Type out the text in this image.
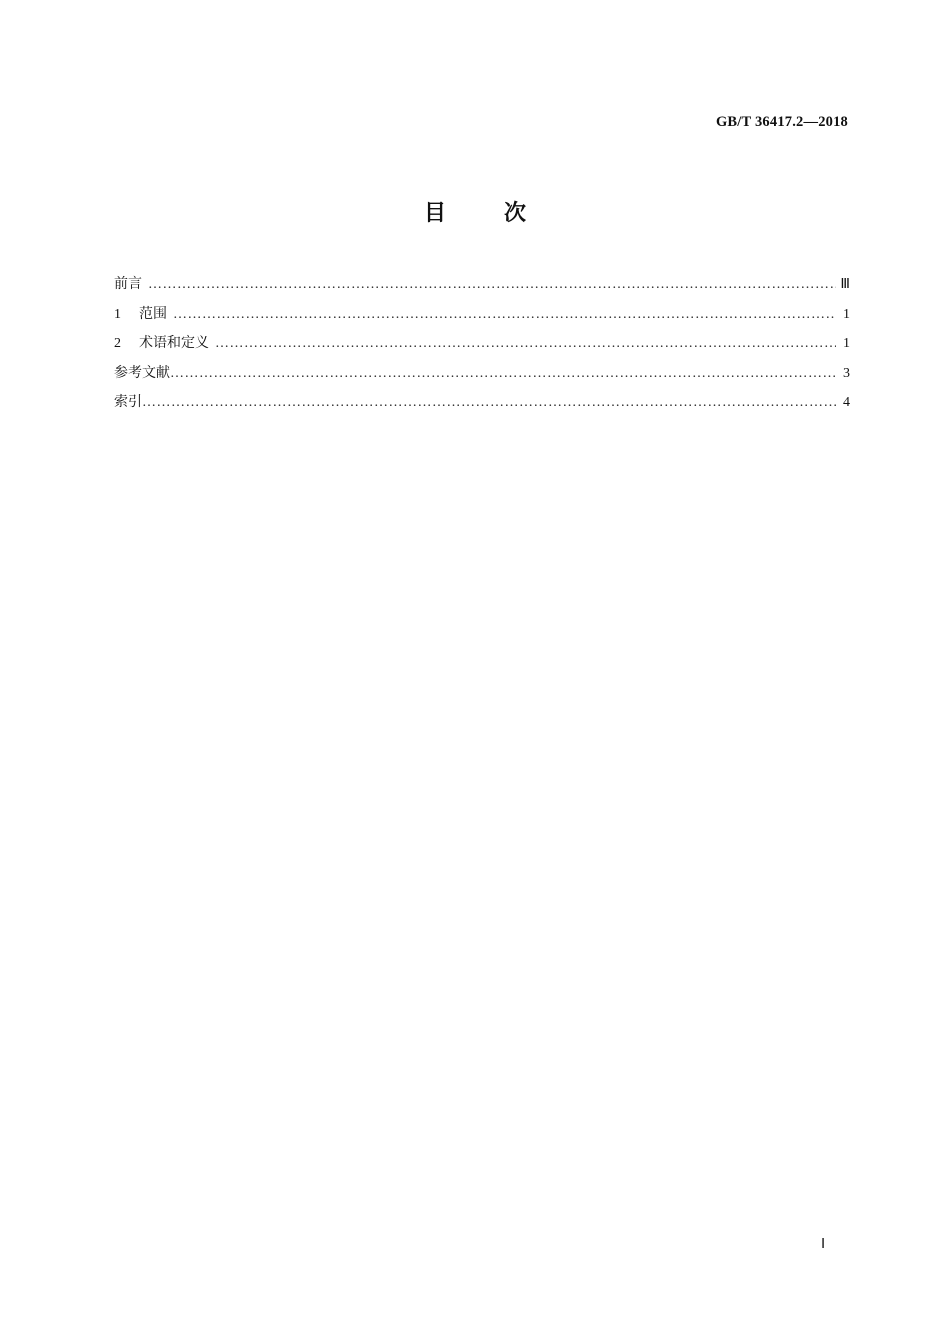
GB/T 36417.2—2018
目次
前言 ……………………………………………………………………………………………………………………………………………………………………………………………………………………	Ⅲ
1	范围 ……………………………………………………………………………………………………………………………………………………………………………………………………………………	1
2	术语和定义 ……………………………………………………………………………………………………………………………………………………………………………………………………………………	1
参考文献 ……………………………………………………………………………………………………………………………………………………………………………………………………………………	3
索引 ……………………………………………………………………………………………………………………………………………………………………………………………………………………	4
Ⅰ
